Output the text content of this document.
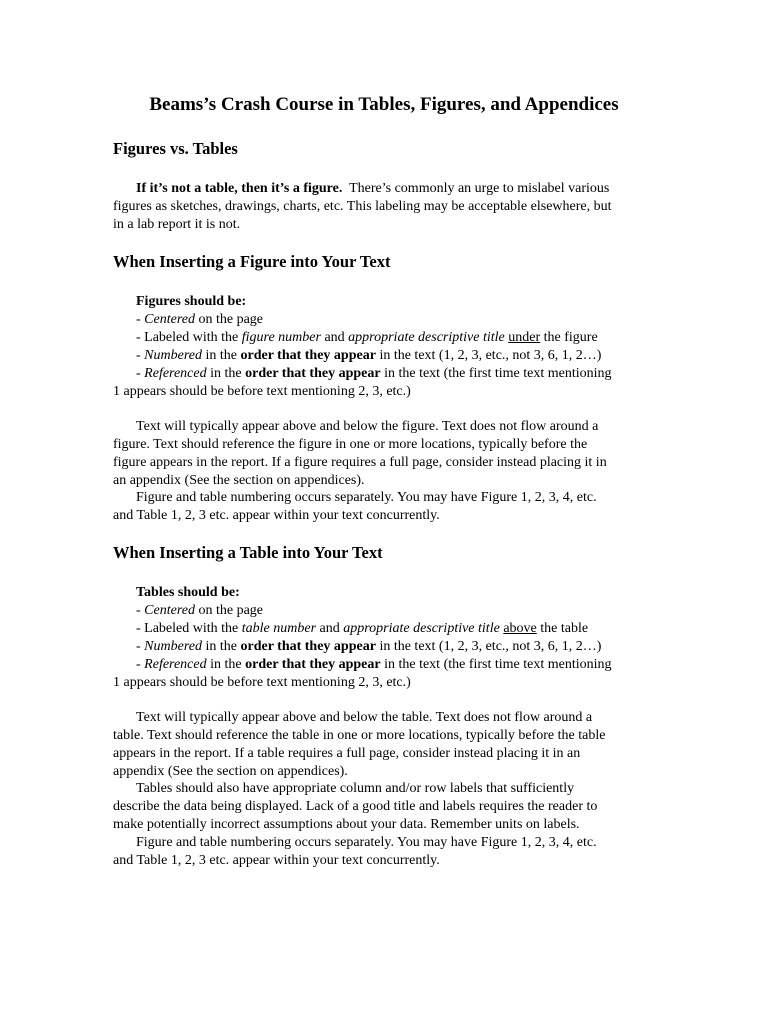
Beams’s Crash Course in Tables, Figures, and Appendices
Figures vs. Tables
If it’s not a table, then it’s a figure.  There’s commonly an urge to mislabel various
figures as sketches, drawings, charts, etc. This labeling may be acceptable elsewhere, but
in a lab report it is not.
When Inserting a Figure into Your Text
Figures should be:
- Centered on the page
- Labeled with the figure number and appropriate descriptive title under the figure
- Numbered in the order that they appear in the text (1, 2, 3, etc., not 3, 6, 1, 2…)
- Referenced in the order that they appear in the text (the first time text mentioning
1 appears should be before text mentioning 2, 3, etc.)
Text will typically appear above and below the figure. Text does not flow around a
figure. Text should reference the figure in one or more locations, typically before the
figure appears in the report. If a figure requires a full page, consider instead placing it in
an appendix (See the section on appendices).
Figure and table numbering occurs separately. You may have Figure 1, 2, 3, 4, etc.
and Table 1, 2, 3 etc. appear within your text concurrently.
When Inserting a Table into Your Text
Tables should be:
- Centered on the page
- Labeled with the table number and appropriate descriptive title above the table
- Numbered in the order that they appear in the text (1, 2, 3, etc., not 3, 6, 1, 2…)
- Referenced in the order that they appear in the text (the first time text mentioning
1 appears should be before text mentioning 2, 3, etc.)
Text will typically appear above and below the table. Text does not flow around a
table. Text should reference the table in one or more locations, typically before the table
appears in the report. If a table requires a full page, consider instead placing it in an
appendix (See the section on appendices).
Tables should also have appropriate column and/or row labels that sufficiently
describe the data being displayed. Lack of a good title and labels requires the reader to
make potentially incorrect assumptions about your data. Remember units on labels.
Figure and table numbering occurs separately. You may have Figure 1, 2, 3, 4, etc.
and Table 1, 2, 3 etc. appear within your text concurrently.
